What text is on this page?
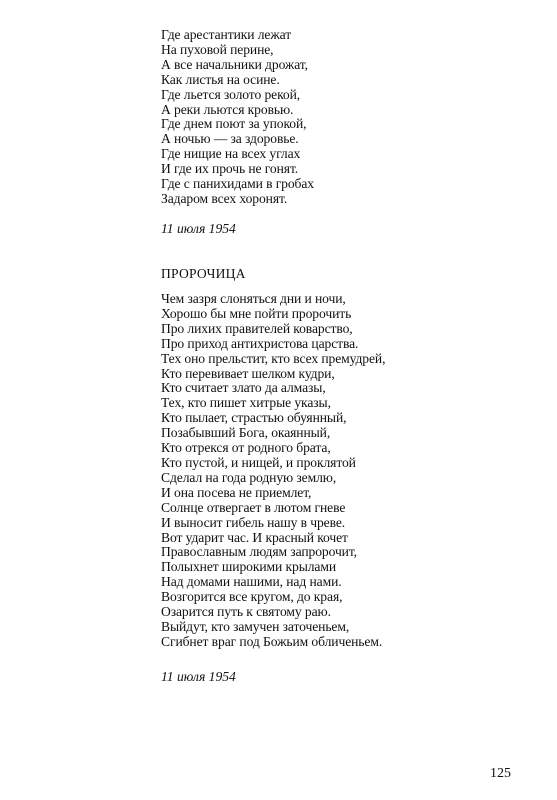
Где арестантики лежат
На пуховой перине,
А все начальники дрожат,
Как листья на осине.
Где льется золото рекой,
А реки льются кровью.
Где днем поют за упокой,
А ночью — за здоровье.
Где нищие на всех углах
И где их прочь не гонят.
Где с панихидами в гробах
Задаром всех хоронят.
11 июля 1954
ПРОРОЧИЦА
Чем зазря слоняться дни и ночи,
Хорошо бы мне пойти пророчить
Про лихих правителей коварство,
Про приход антихристова царства.
Тех оно прельстит, кто всех премудрей,
Кто перевивает шелком кудри,
Кто считает злато да алмазы,
Тех, кто пишет хитрые указы,
Кто пылает, страстью обуянный,
Позабывший Бога, окаянный,
Кто отрекся от родного брата,
Кто пустой, и нищей, и проклятой
Сделал на года родную землю,
И она посева не приемлет,
Солнце отвергает в лютом гневе
И выносит гибель нашу в чреве.
Вот ударит час. И красный кочет
Православным людям запророчит,
Полыхнет широкими крылами
Над домами нашими, над нами.
Возгорится все кругом, до края,
Озарится путь к святому раю.
Выйдут, кто замучен заточеньем,
Сгибнет враг под Божьим обличеньем.
11 июля 1954
125
